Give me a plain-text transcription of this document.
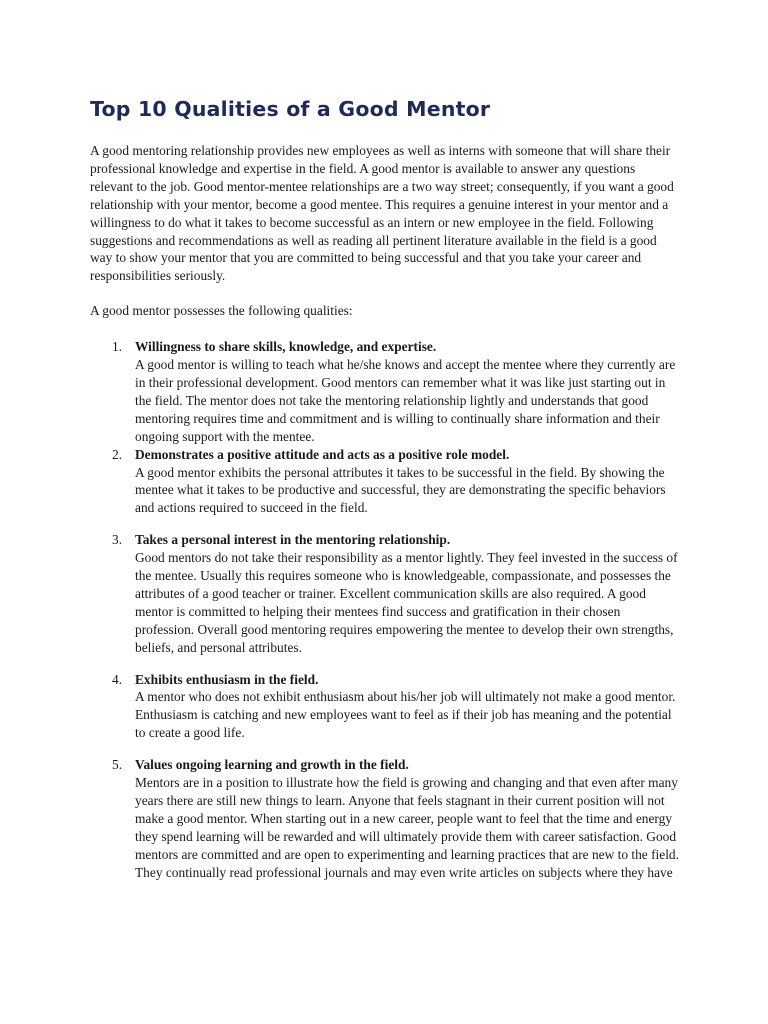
Top 10 Qualities of a Good Mentor

A good mentoring relationship provides new employees as well as interns with someone that will share their professional knowledge and expertise in the field. A good mentor is available to answer any questions relevant to the job. Good mentor-mentee relationships are a two way street; consequently, if you want a good relationship with your mentor, become a good mentee. This requires a genuine interest in your mentor and a willingness to do what it takes to become successful as an intern or new employee in the field. Following suggestions and recommendations as well as reading all pertinent literature available in the field is a good way to show your mentor that you are committed to being successful and that you take your career and responsibilities seriously.

A good mentor possesses the following qualities:

1. Willingness to share skills, knowledge, and expertise.
A good mentor is willing to teach what he/she knows and accept the mentee where they currently are in their professional development. Good mentors can remember what it was like just starting out in the field. The mentor does not take the mentoring relationship lightly and understands that good mentoring requires time and commitment and is willing to continually share information and their ongoing support with the mentee.
2. Demonstrates a positive attitude and acts as a positive role model.
A good mentor exhibits the personal attributes it takes to be successful in the field. By showing the mentee what it takes to be productive and successful, they are demonstrating the specific behaviors and actions required to succeed in the field.
3. Takes a personal interest in the mentoring relationship.
Good mentors do not take their responsibility as a mentor lightly. They feel invested in the success of the mentee. Usually this requires someone who is knowledgeable, compassionate, and possesses the attributes of a good teacher or trainer. Excellent communication skills are also required. A good mentor is committed to helping their mentees find success and gratification in their chosen profession. Overall good mentoring requires empowering the mentee to develop their own strengths, beliefs, and personal attributes.
4. Exhibits enthusiasm in the field.
A mentor who does not exhibit enthusiasm about his/her job will ultimately not make a good mentor. Enthusiasm is catching and new employees want to feel as if their job has meaning and the potential to create a good life.
5. Values ongoing learning and growth in the field.
Mentors are in a position to illustrate how the field is growing and changing and that even after many years there are still new things to learn. Anyone that feels stagnant in their current position will not make a good mentor. When starting out in a new career, people want to feel that the time and energy they spend learning will be rewarded and will ultimately provide them with career satisfaction. Good mentors are committed and are open to experimenting and learning practices that are new to the field. They continually read professional journals and may even write articles on subjects where they have
